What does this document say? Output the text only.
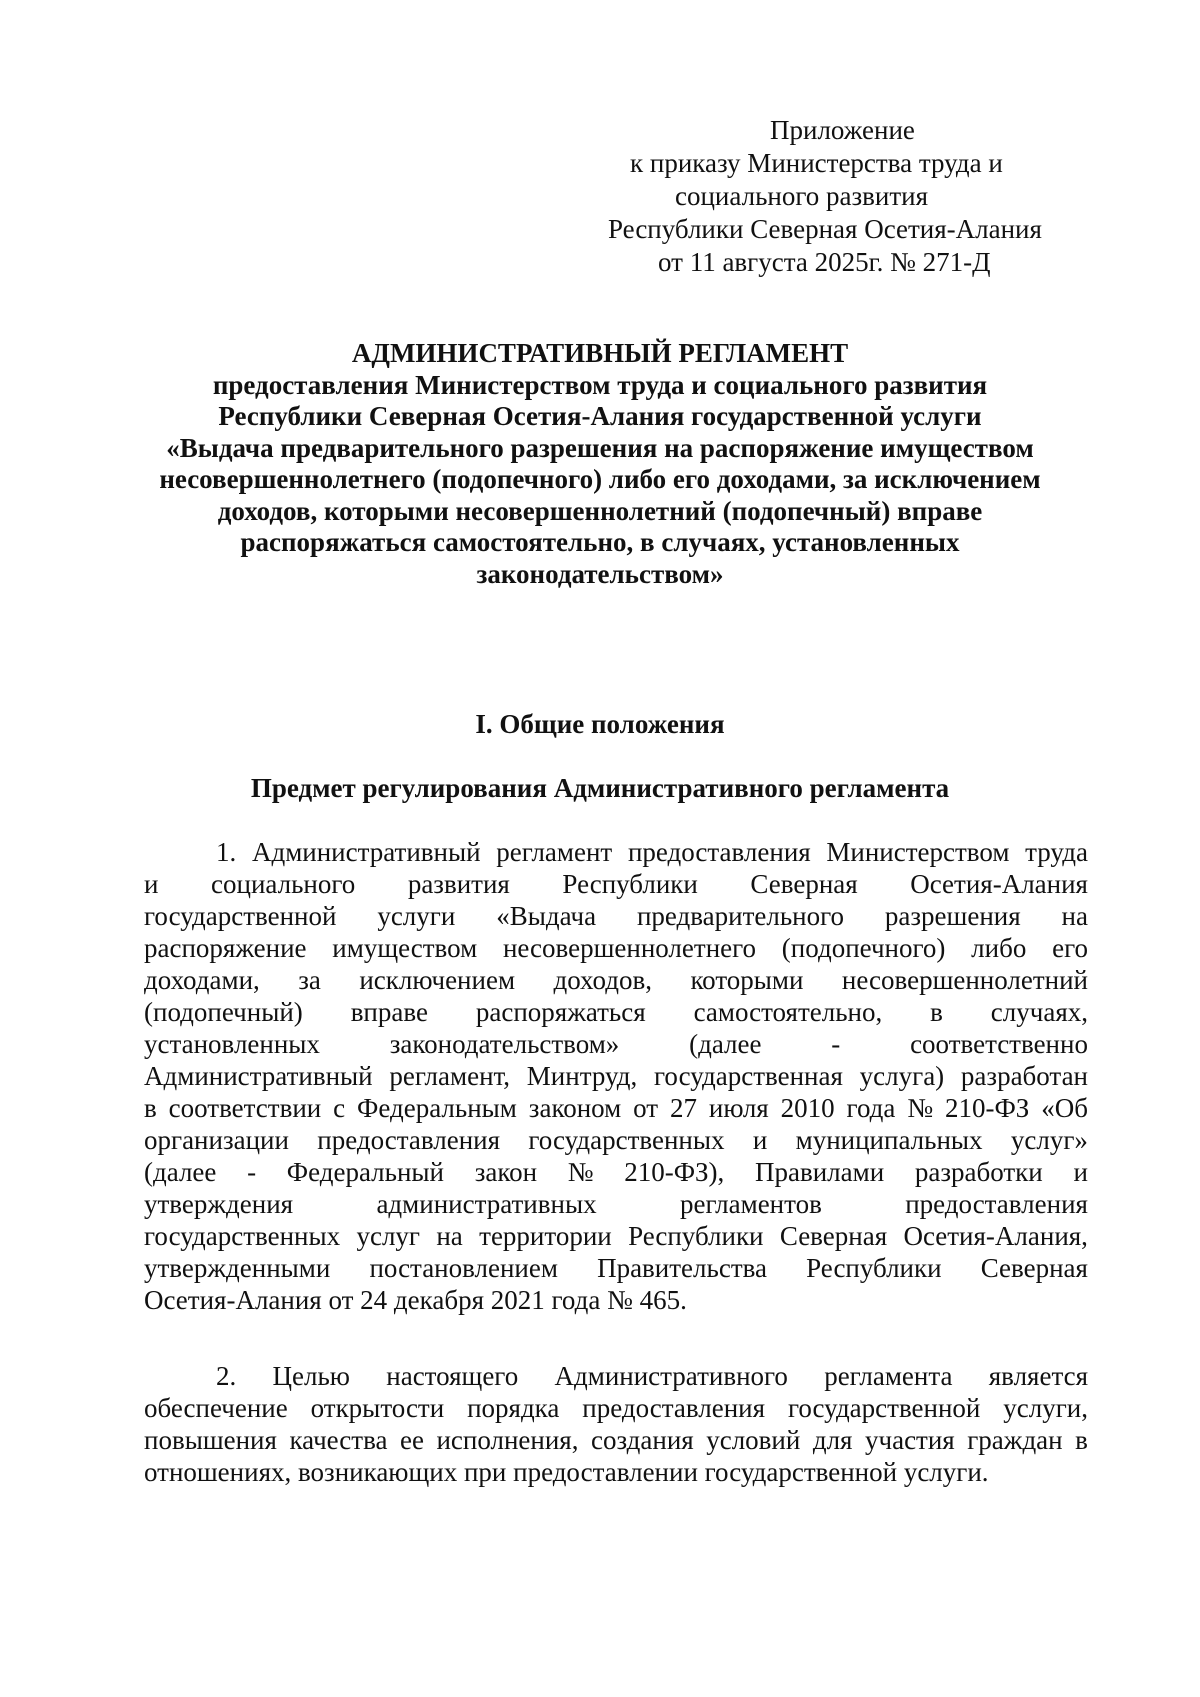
Приложение
к приказу Министерства труда и
социального развития
Республики Северная Осетия-Алания
от 11 августа 2025г. № 271-Д
АДМИНИСТРАТИВНЫЙ РЕГЛАМЕНТ
предоставления Министерством труда и социального развития
Республики Северная Осетия-Алания государственной услуги
«Выдача предварительного разрешения на распоряжение имуществом
несовершеннолетнего (подопечного) либо его доходами, за исключением
доходов, которыми несовершеннолетний (подопечный) вправе
распоряжаться самостоятельно, в случаях, установленных
законодательством»
I. Общие положения
Предмет регулирования Административного регламента
1. Административный регламент предоставления Министерством труда
и социального развития Республики Северная Осетия-Алания
государственной услуги «Выдача предварительного разрешения на
распоряжение имуществом несовершеннолетнего (подопечного) либо его
доходами, за исключением доходов, которыми несовершеннолетний
(подопечный) вправе распоряжаться самостоятельно, в случаях,
установленных	законодательством»	(далее	-	соответственно
Административный регламент, Минтруд, государственная услуга) разработан
в соответствии с Федеральным законом от 27 июля 2010 года № 210-ФЗ «Об
организации предоставления государственных и муниципальных услуг»
(далее - Федеральный закон № 210-ФЗ), Правилами разработки и
утверждения	административных	регламентов	предоставления
государственных услуг на территории Республики Северная Осетия-Алания,
утвержденными постановлением Правительства Республики Северная
Осетия-Алания от 24 декабря 2021 года № 465.
2. Целью настоящего Административного регламента является
обеспечение открытости порядка предоставления государственной услуги,
повышения качества ее исполнения, создания условий для участия граждан в
отношениях, возникающих при предоставлении государственной услуги.
